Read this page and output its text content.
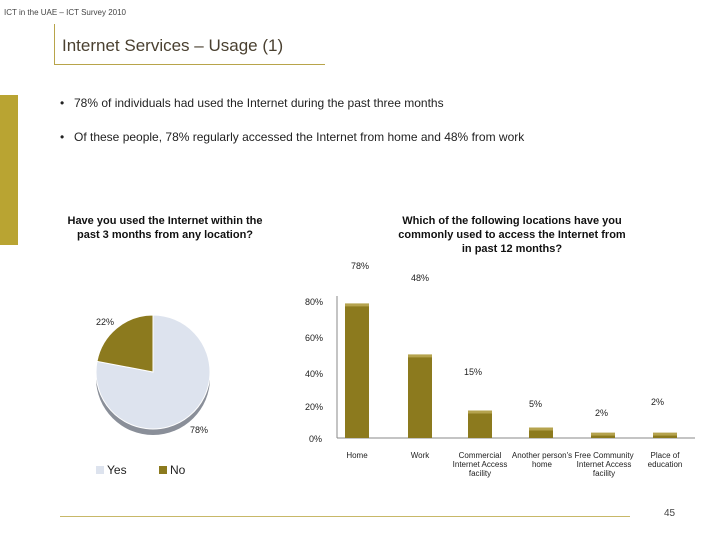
ICT in the UAE – ICT Survey 2010
Internet Services – Usage (1)
• 78% of individuals had used the Internet during the past three months
• Of these people, 78% regularly accessed the Internet from home and 48% from work
Have you used the Internet within the past 3 months from any location?
22%
78%
Yes	No
Which of the following locations have you commonly used to access the Internet from in past 12 months?
80%
60%
40%
20%
0%
78%
48%
15%
5%
2%
2%
Home	Work	Commercial Internet Access facility
Another person's home
Free Community Internet Access facility
Place of education
45
